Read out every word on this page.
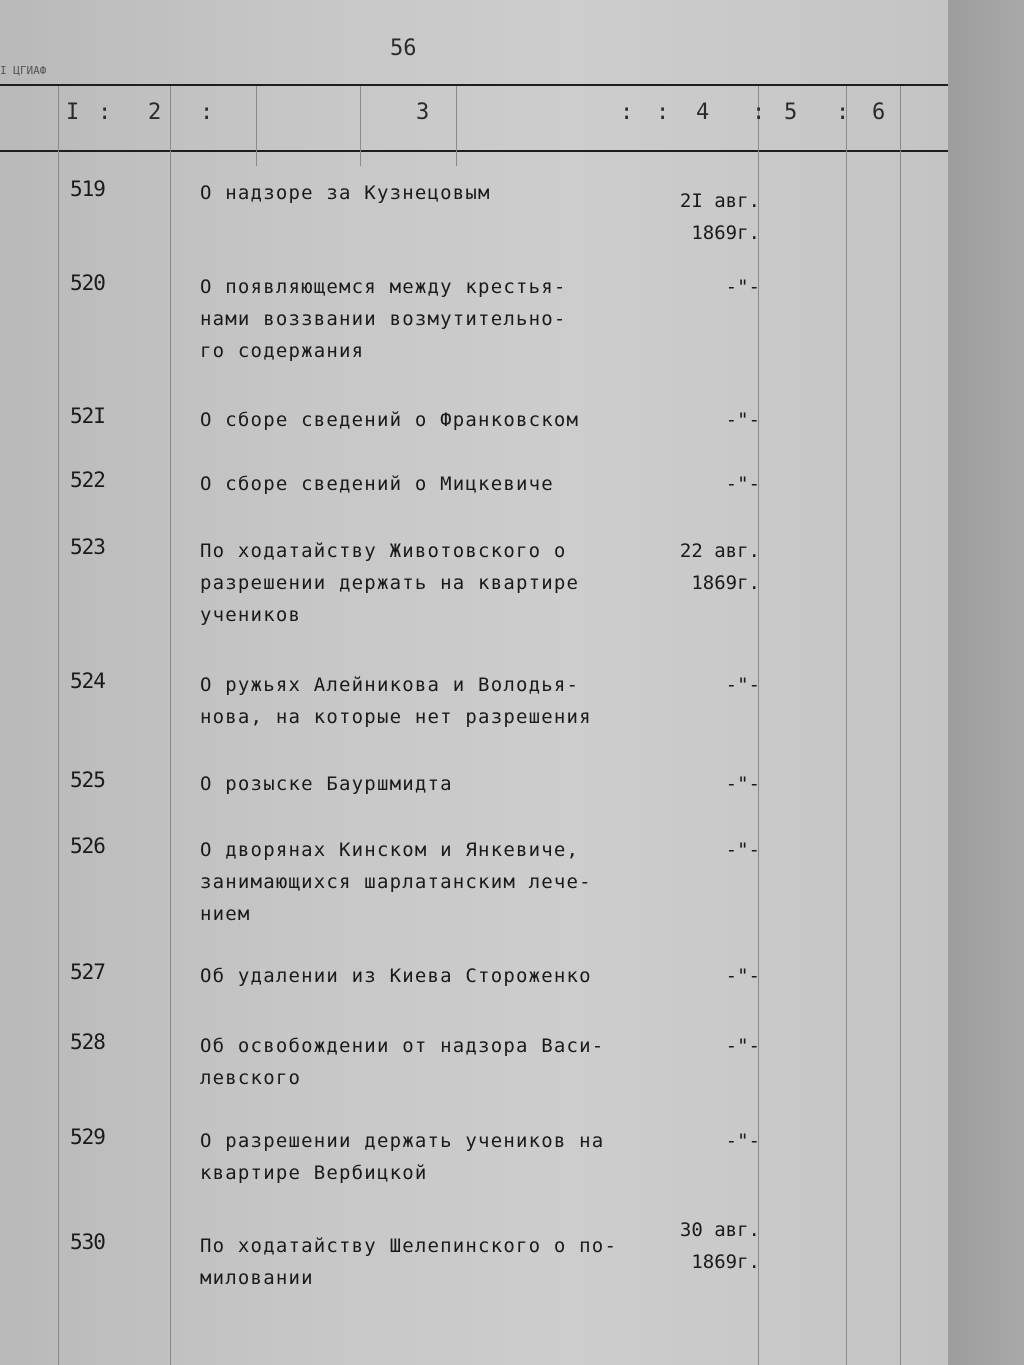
56
I ЦГИАФ
I : 2 :	3	: : 4 : 5 : 6
519	О надзоре за Кузнецовым	2I авг.
1869г.
520	О появляющемся между крестья-
нами воззвании возмутительно-
го содержания
-"-
52I	О сборе сведений о Франковском	-"-
522	О сборе сведений о Мицкевиче	-"-
523	По ходатайству Животовского о
разрешении держать на квартире
учеников
22 авг.
1869г.
524	О ружьях Алейникова и Володья-
нова, на которые нет разрешения
-"-
525	О розыске Бауршмидта	-"-
526	О дворянах Кинском и Янкевиче,
занимающихся шарлатанским лече-
нием
-"-
527	Об удалении из Киева Стороженко	-"-
528	Об освобождении от надзора Васи-
левского
-"-
529	О разрешении держать учеников на
квартире Вербицкой
-"-
530	По ходатайству Шелепинского о по-
миловании
30 авг.
1869г.
